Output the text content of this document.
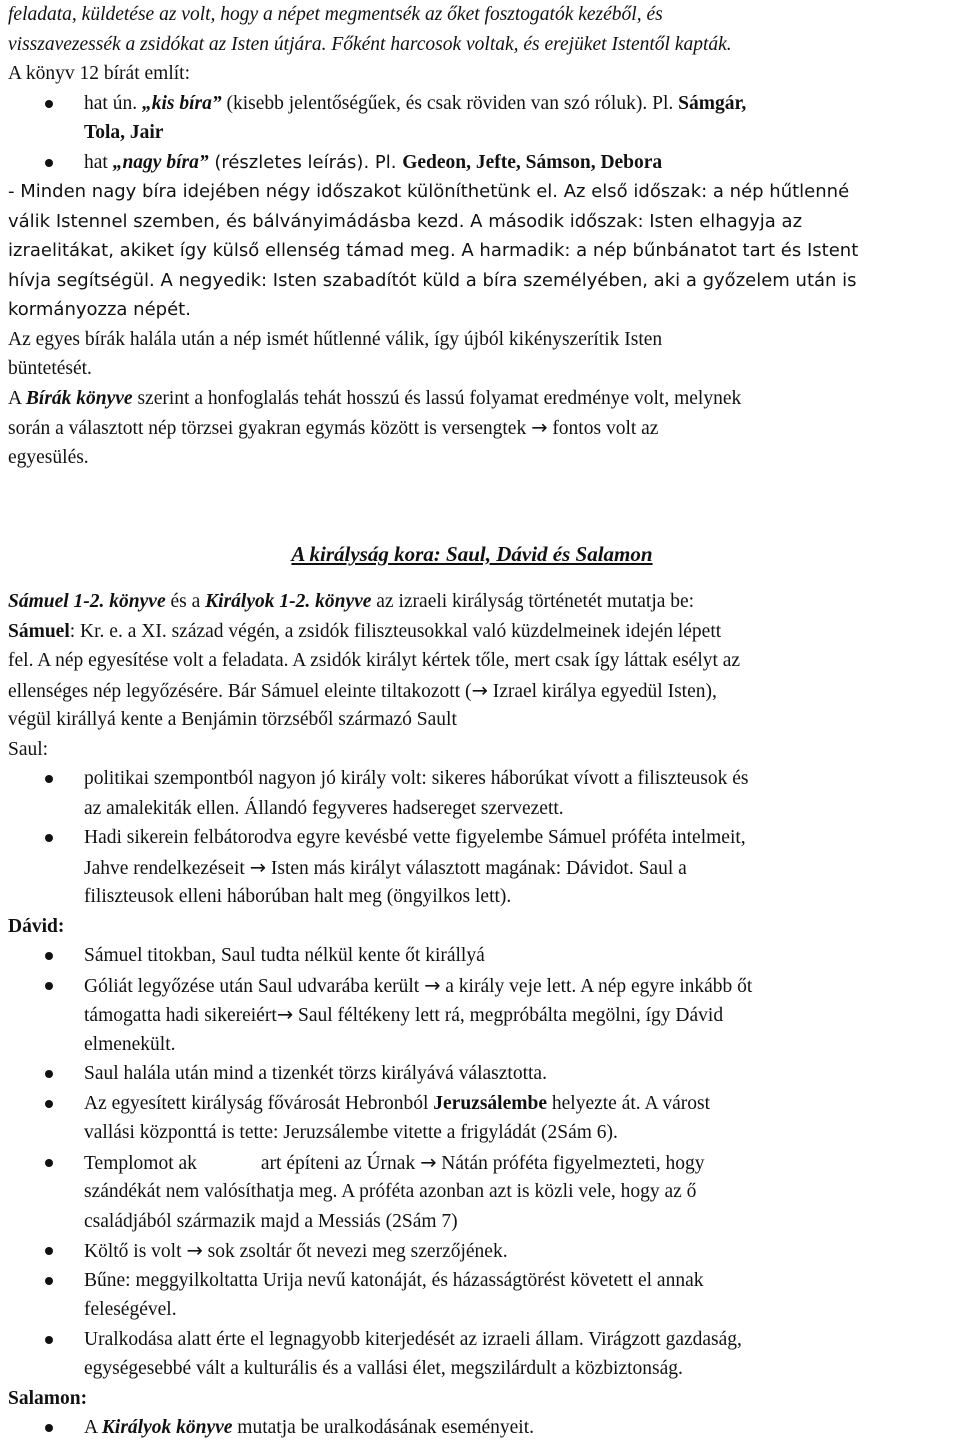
feladata, küldetése az volt, hogy a népet megmentsék az őket fosztogatók kezéből, és
visszavezessék a zsidókat az Isten útjára. Főként harcosok voltak, és erejüket Istentől kapták.
A könyv 12 bírát említ:
hat ún. „kis bíra” (kisebb jelentőségűek, és csak röviden van szó róluk). Pl. Sámgár,
Tola, Jair
hat „nagy bíra” (részletes leírás). Pl. Gedeon, Jefte, Sámson, Debora
- Minden nagy bíra idejében négy időszakot különíthetünk el. Az első időszak: a nép hűtlenné
válik Istennel szemben, és bálványimádásba kezd. A második időszak: Isten elhagyja az
izraelitákat, akiket így külső ellenség támad meg. A harmadik: a nép bűnbánatot tart és Istent
hívja segítségül. A negyedik: Isten szabadítót küld a bíra személyében, aki a győzelem után is
kormányozza népét.
Az egyes bírák halála után a nép ismét hűtlenné válik, így újból kikényszerítik Isten
büntetését.
A Bírák könyve szerint a honfoglalás tehát hosszú és lassú folyamat eredménye volt, melynek
során a választott nép törzsei gyakran egymás között is versengtek → fontos volt az
egyesülés.
A királyság kora: Saul, Dávid és Salamon
Sámuel 1-2. könyve és a Királyok 1-2. könyve az izraeli királyság történetét mutatja be:
Sámuel: Kr. e. a XI. század végén, a zsidók filiszteusokkal való küzdelmeinek idején lépett
fel. A nép egyesítése volt a feladata. A zsidók királyt kértek tőle, mert csak így láttak esélyt az
ellenséges nép legyőzésére. Bár Sámuel eleinte tiltakozott (→ Izrael királya egyedül Isten),
végül királlyá kente a Benjámin törzséből származó Sault
Saul:
politikai szempontból nagyon jó király volt: sikeres háborúkat vívott a filiszteusok és
az amalekiták ellen. Állandó fegyveres hadsereget szervezett.
Hadi sikerein felbátorodva egyre kevésbé vette figyelembe Sámuel próféta intelmeit,
Jahve rendelkezéseit → Isten más királyt választott magának: Dávidot. Saul a
filiszteusok elleni háborúban halt meg (öngyilkos lett).
Dávid:
Sámuel titokban, Saul tudta nélkül kente őt királlyá
Góliát legyőzése után Saul udvarába került → a király veje lett. A nép egyre inkább őt
támogatta hadi sikereiért→ Saul féltékeny lett rá, megpróbálta megölni, így Dávid
elmenekült.
Saul halála után mind a tizenkét törzs királyává választotta.
Az egyesített királyság fővárosát Hebronból Jeruzsálembe helyezte át. A várost
vallási központtá is tette: Jeruzsálembe vitette a frigyládát (2Sám 6).
Templomot ak	art építeni az Úrnak → Nátán próféta figyelmezteti, hogy
szándékát nem valósíthatja meg. A próféta azonban azt is közli vele, hogy az ő
családjából származik majd a Messiás (2Sám 7)
Költő is volt → sok zsoltár őt nevezi meg szerzőjének.
Bűne: meggyilkoltatta Urija nevű katonáját, és házasságtörést követett el annak
feleségével.
Uralkodása alatt érte el legnagyobb kiterjedését az izraeli állam. Virágzott gazdaság,
egységesebbé vált a kulturális és a vallási élet, megszilárdult a közbiztonság.
Salamon:
A Királyok könyve mutatja be uralkodásának eseményeit.
